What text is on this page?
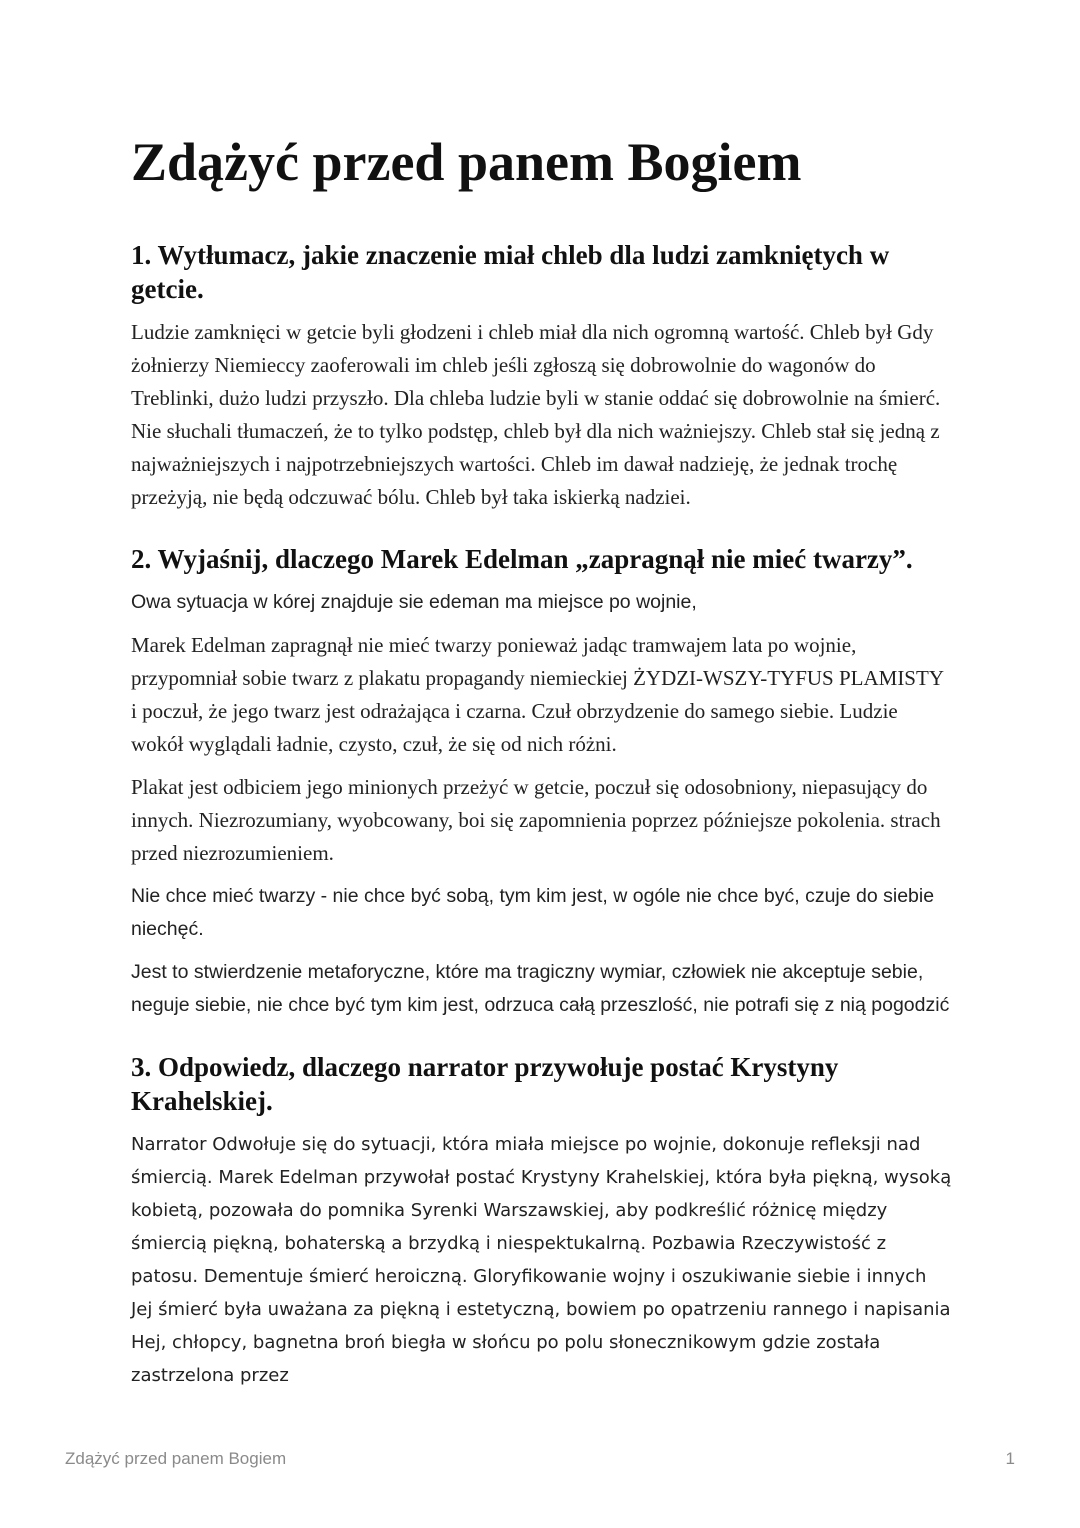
Zdążyć przed panem Bogiem
1. Wytłumacz, jakie znaczenie miał chleb dla ludzi zamkniętych w getcie.

Ludzie zamknięci w getcie byli głodzeni i chleb miał dla nich ogromną wartość. Chleb był Gdy żołnierzy Niemieccy zaoferowali im chleb jeśli zgłoszą się dobrowolnie do wagonów do Treblinki, dużo ludzi przyszło. Dla chleba ludzie byli w stanie oddać się dobrowolnie na śmierć. Nie słuchali tłumaczeń, że to tylko podstęp, chleb był dla nich ważniejszy. Chleb stał się jedną z najważniejszych i najpotrzebniejszych wartości. Chleb im dawał nadzieję, że jednak trochę przeżyją, nie będą odczuwać bólu. Chleb był taka iskierką nadziei.

2. Wyjaśnij, dlaczego Marek Edelman „zapragnął nie mieć twarzy”.

Owa sytuacja w kórej znajduje sie edeman ma miejsce po wojnie,

Marek Edelman zapragnął nie mieć twarzy ponieważ jadąc tramwajem lata po wojnie, przypomniał sobie twarz z plakatu propagandy niemieckiej ŻYDZI-WSZY-TYFUS PLAMISTY i poczuł, że jego twarz jest odrażająca i czarna. Czuł obrzydzenie do samego siebie. Ludzie wokół wyglądali ładnie, czysto, czuł, że się od nich różni.

Plakat jest odbiciem jego minionych przeżyć w getcie, poczuł się odosobniony, niepasujący do innych. Niezrozumiany, wyobcowany, boi się zapomnienia poprzez późniejsze pokolenia. strach przed niezrozumieniem.

Nie chce mieć twarzy - nie chce być sobą, tym kim jest, w ogóle nie chce być, czuje do siebie niechęć.

Jest to stwierdzenie metaforyczne, które ma tragiczny wymiar, człowiek nie akceptuje sebie, neguje siebie, nie chce być tym kim jest, odrzuca całą przeszlość, nie potrafi się z nią pogodzić

3. Odpowiedz, dlaczego narrator przywołuje postać Krystyny Krahelskiej.

Narrator Odwołuje się do sytuacji, która miała miejsce po wojnie, dokonuje refleksji nad śmiercią. Marek Edelman przywołał postać Krystyny Krahelskiej, która była piękną, wysoką kobietą, pozowała do pomnika Syrenki Warszawskiej, aby podkreślić różnicę między śmiercią piękną, bohaterską a brzydką i niespektukalrną. Pozbawia Rzeczywistość z patosu. Dementuje śmierć heroiczną. Gloryfikowanie wojny i oszukiwanie siebie i innych Jej śmierć była uważana za piękną i estetyczną, bowiem po opatrzeniu rannego i napisania Hej, chłopcy, bagnetna broń biegła w słońcu po polu słonecznikowym gdzie została zastrzelona przez

Zdążyć przed panem Bogiem	1
